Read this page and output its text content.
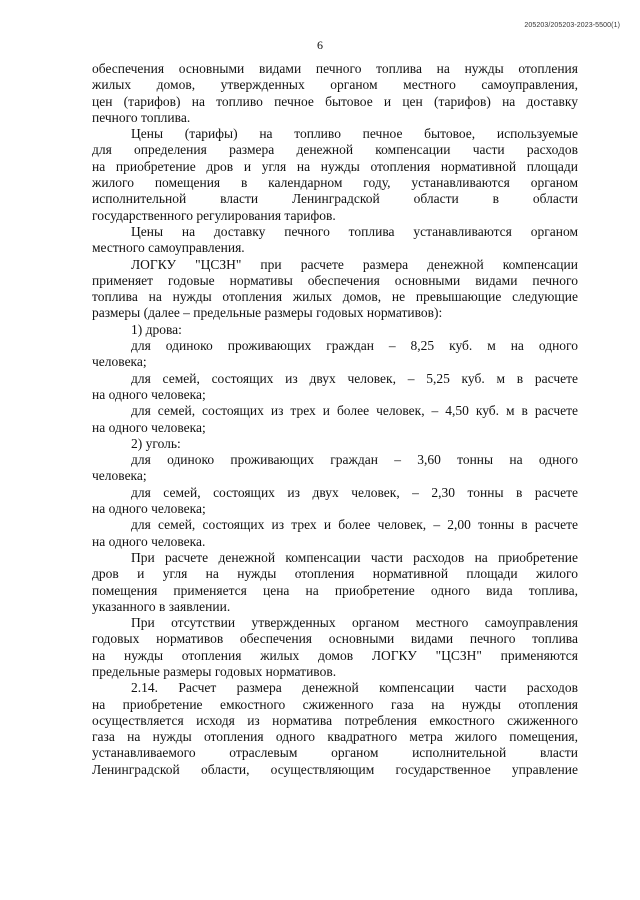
205203/205203-2023-5500(1)
6
обеспечения основными видами печного топлива на нужды отопления
жилых домов, утвержденных органом местного самоуправления,
цен (тарифов) на топливо печное бытовое и цен (тарифов) на доставку
печного топлива.
Цены (тарифы) на топливо печное бытовое, используемые
для определения размера денежной компенсации части расходов
на приобретение дров и угля на нужды отопления нормативной площади
жилого помещения в календарном году, устанавливаются органом
исполнительной власти Ленинградской области в области
государственного регулирования тарифов.
Цены на доставку печного топлива устанавливаются органом
местного самоуправления.
ЛОГКУ "ЦСЗН" при расчете размера денежной компенсации
применяет годовые нормативы обеспечения основными видами печного
топлива на нужды отопления жилых домов, не превышающие следующие
размеры (далее – предельные размеры годовых нормативов):
1) дрова:
для одиноко проживающих граждан – 8,25 куб. м на одного
человека;
для семей, состоящих из двух человек, – 5,25 куб. м в расчете
на одного человека;
для семей, состоящих из трех и более человек, – 4,50 куб. м в расчете
на одного человека;
2) уголь:
для одиноко проживающих граждан – 3,60 тонны на одного
человека;
для семей, состоящих из двух человек, – 2,30 тонны в расчете
на одного человека;
для семей, состоящих из трех и более человек, – 2,00 тонны в расчете
на одного человека.
При расчете денежной компенсации части расходов на приобретение
дров и угля на нужды отопления нормативной площади жилого
помещения применяется цена на приобретение одного вида топлива,
указанного в заявлении.
При отсутствии утвержденных органом местного самоуправления
годовых нормативов обеспечения основными видами печного топлива
на нужды отопления жилых домов ЛОГКУ "ЦСЗН" применяются
предельные размеры годовых нормативов.
2.14. Расчет размера денежной компенсации части расходов
на приобретение емкостного сжиженного газа на нужды отопления
осуществляется исходя из норматива потребления емкостного сжиженного
газа на нужды отопления одного квадратного метра жилого помещения,
устанавливаемого отраслевым органом исполнительной власти
Ленинградской области, осуществляющим государственное управление
